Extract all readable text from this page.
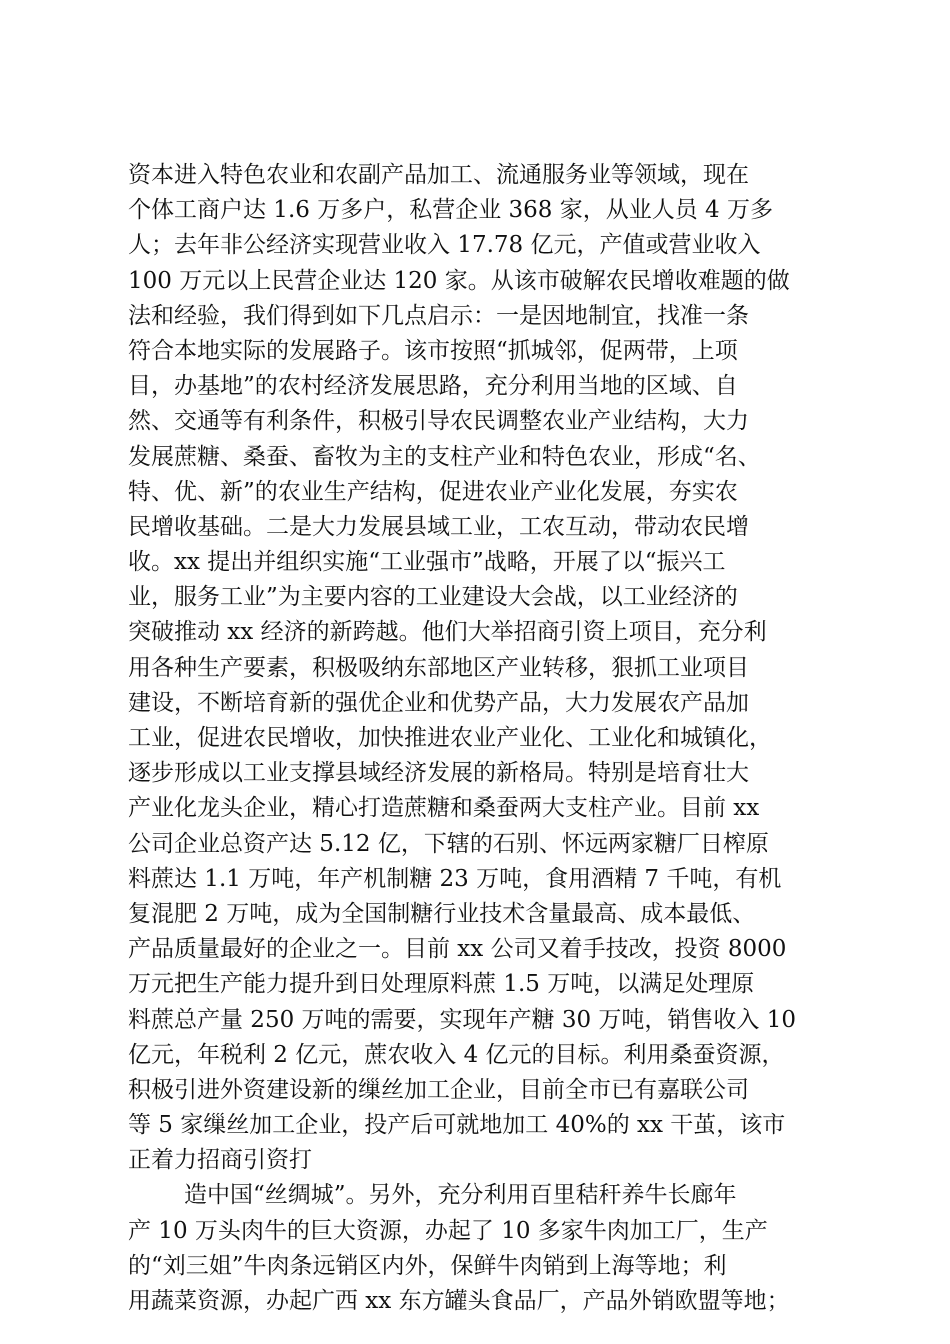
资本进入特色农业和农副产品加工、流通服务业等领域，现在
个体工商户达 1.6 万多户，私营企业 368 家，从业人员 4 万多
人；去年非公经济实现营业收入 17.78 亿元，产值或营业收入
100 万元以上民营企业达 120 家。从该市破解农民增收难题的做
法和经验，我们得到如下几点启示：一是因地制宜，找准一条
符合本地实际的发展路子。该市按照“抓城邻，促两带，上项
目，办基地”的农村经济发展思路，充分利用当地的区域、自
然、交通等有利条件，积极引导农民调整农业产业结构，大力
发展蔗糖、桑蚕、畜牧为主的支柱产业和特色农业，形成“名、
特、优、新”的农业生产结构，促进农业产业化发展，夯实农
民增收基础。二是大力发展县域工业，工农互动，带动农民增
收。xx 提出并组织实施“工业强市”战略，开展了以“振兴工
业，服务工业”为主要内容的工业建设大会战，以工业经济的
突破推动 xx 经济的新跨越。他们大举招商引资上项目，充分利
用各种生产要素，积极吸纳东部地区产业转移，狠抓工业项目
建设，不断培育新的强优企业和优势产品，大力发展农产品加
工业，促进农民增收，加快推进农业产业化、工业化和城镇化，
逐步形成以工业支撑县域经济发展的新格局。特别是培育壮大
产业化龙头企业，精心打造蔗糖和桑蚕两大支柱产业。目前 xx
公司企业总资产达 5.12 亿，下辖的石别、怀远两家糖厂日榨原
料蔗达 1.1 万吨，年产机制糖 23 万吨，食用酒精 7 千吨，有机
复混肥 2 万吨，成为全国制糖行业技术含量最高、成本最低、
产品质量最好的企业之一。目前 xx 公司又着手技改，投资 8000
万元把生产能力提升到日处理原料蔗 1.5 万吨，以满足处理原
料蔗总产量 250 万吨的需要，实现年产糖 30 万吨，销售收入 10
亿元，年税利 2 亿元，蔗农收入 4 亿元的目标。利用桑蚕资源，
积极引进外资建设新的缫丝加工企业，目前全市已有嘉联公司
等 5 家缫丝加工企业，投产后可就地加工 40%的 xx 干茧，该市
正着力招商引资打
造中国“丝绸城”。另外，充分利用百里秸秆养牛长廊年
产 10 万头肉牛的巨大资源，办起了 10 多家牛肉加工厂，生产
的“刘三姐”牛肉条远销区内外，保鲜牛肉销到上海等地；利
用蔬菜资源，办起广西 xx 东方罐头食品厂，产品外销欧盟等地；
